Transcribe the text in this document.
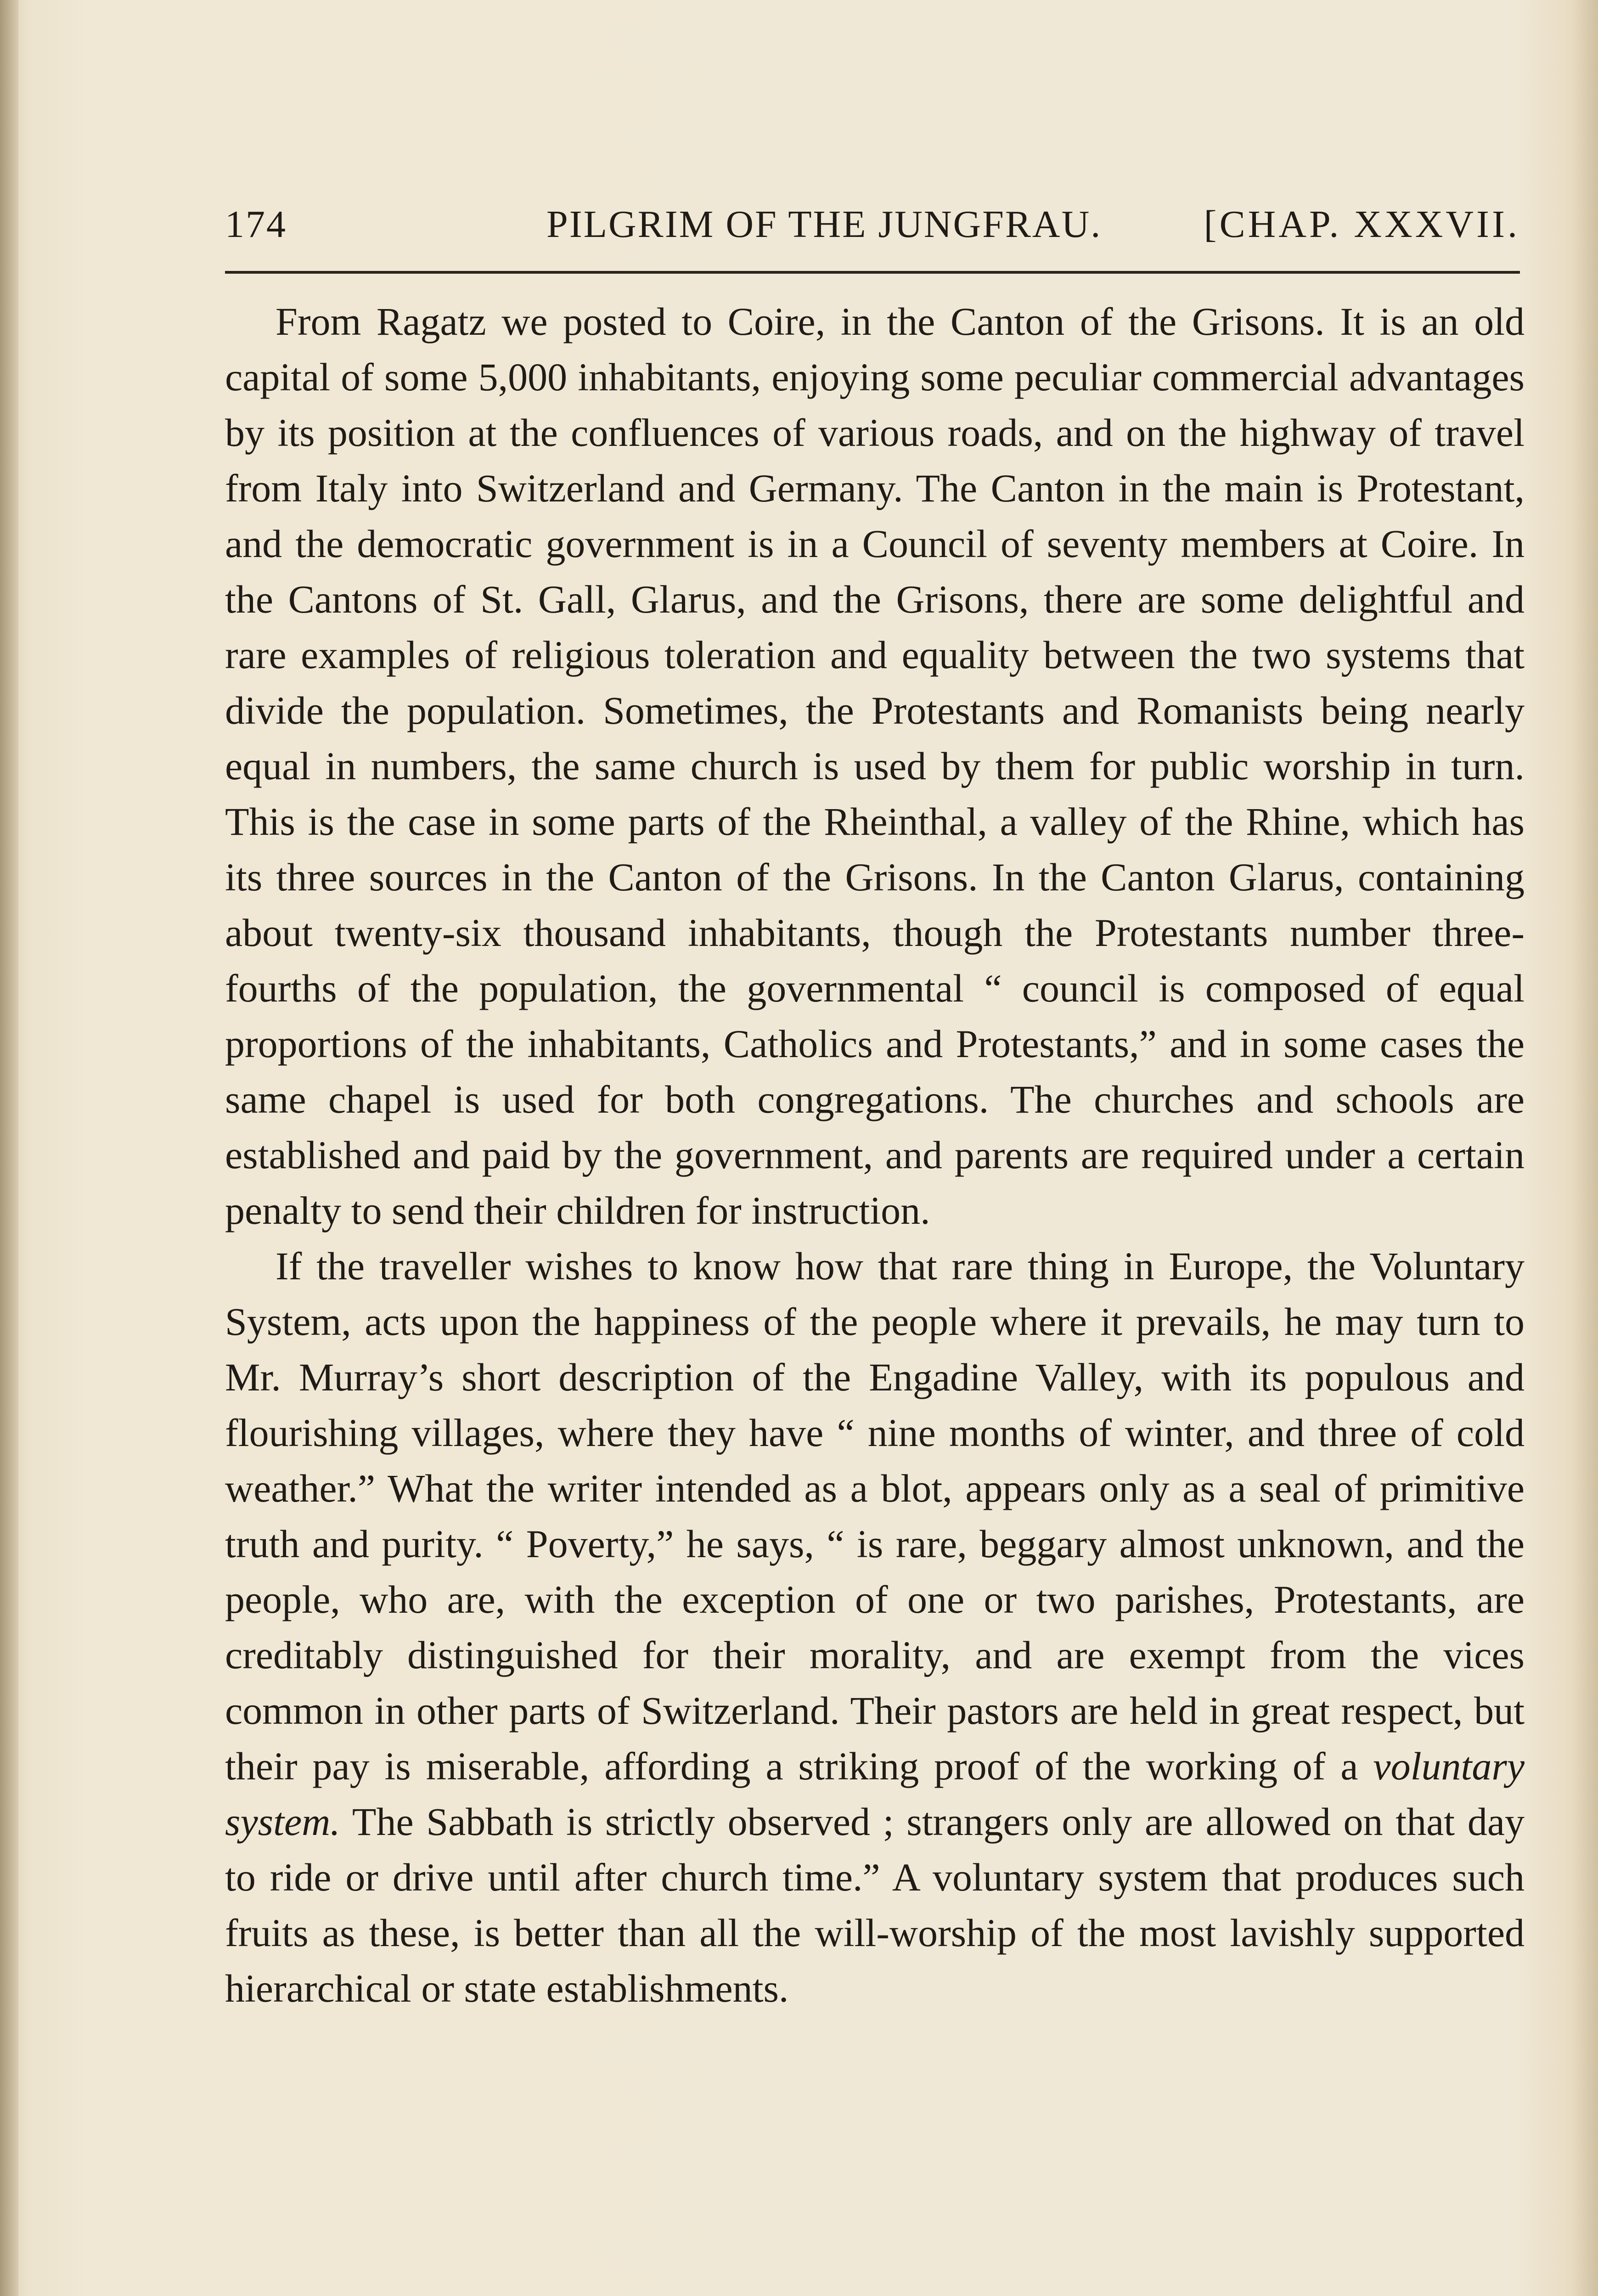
174	PILGRIM OF THE JUNGFRAU.	[CHAP. XXXVII.

From Ragatz we posted to Coire, in the Canton of the Grisons. It is an old capital of some 5,000 inhabitants, enjoying some peculiar commercial advantages by its position at the confluences of various roads, and on the highway of travel from Italy into Switzerland and Germany. The Canton in the main is Protestant, and the democratic government is in a Council of seventy members at Coire. In the Cantons of St. Gall, Glarus, and the Grisons, there are some delightful and rare examples of religious toleration and equality between the two systems that divide the population. Sometimes, the Protestants and Romanists being nearly equal in numbers, the same church is used by them for public worship in turn. This is the case in some parts of the Rheinthal, a valley of the Rhine, which has its three sources in the Canton of the Grisons. In the Canton Glarus, containing about twenty-six thousand inhabitants, though the Protestants number three-fourths of the population, the governmental “ council is composed of equal proportions of the inhabitants, Catholics and Protestants,” and in some cases the same chapel is used for both congregations. The churches and schools are established and paid by the government, and parents are required under a certain penalty to send their children for instruction.

If the traveller wishes to know how that rare thing in Europe, the Voluntary System, acts upon the happiness of the people where it prevails, he may turn to Mr. Murray’s short description of the Engadine Valley, with its populous and flourishing villages, where they have “ nine months of winter, and three of cold weather.” What the writer intended as a blot, appears only as a seal of primitive truth and purity. “ Poverty,” he says, “ is rare, beggary almost unknown, and the people, who are, with the exception of one or two parishes, Protestants, are creditably distinguished for their morality, and are exempt from the vices common in other parts of Switzerland. Their pastors are held in great respect, but their pay is miserable, affording a striking proof of the working of a voluntary system. The Sabbath is strictly observed ; strangers only are allowed on that day to ride or drive until after church time.” A voluntary system that produces such fruits as these, is better than all the will-worship of the most lavishly supported hierarchical or state establishments.
